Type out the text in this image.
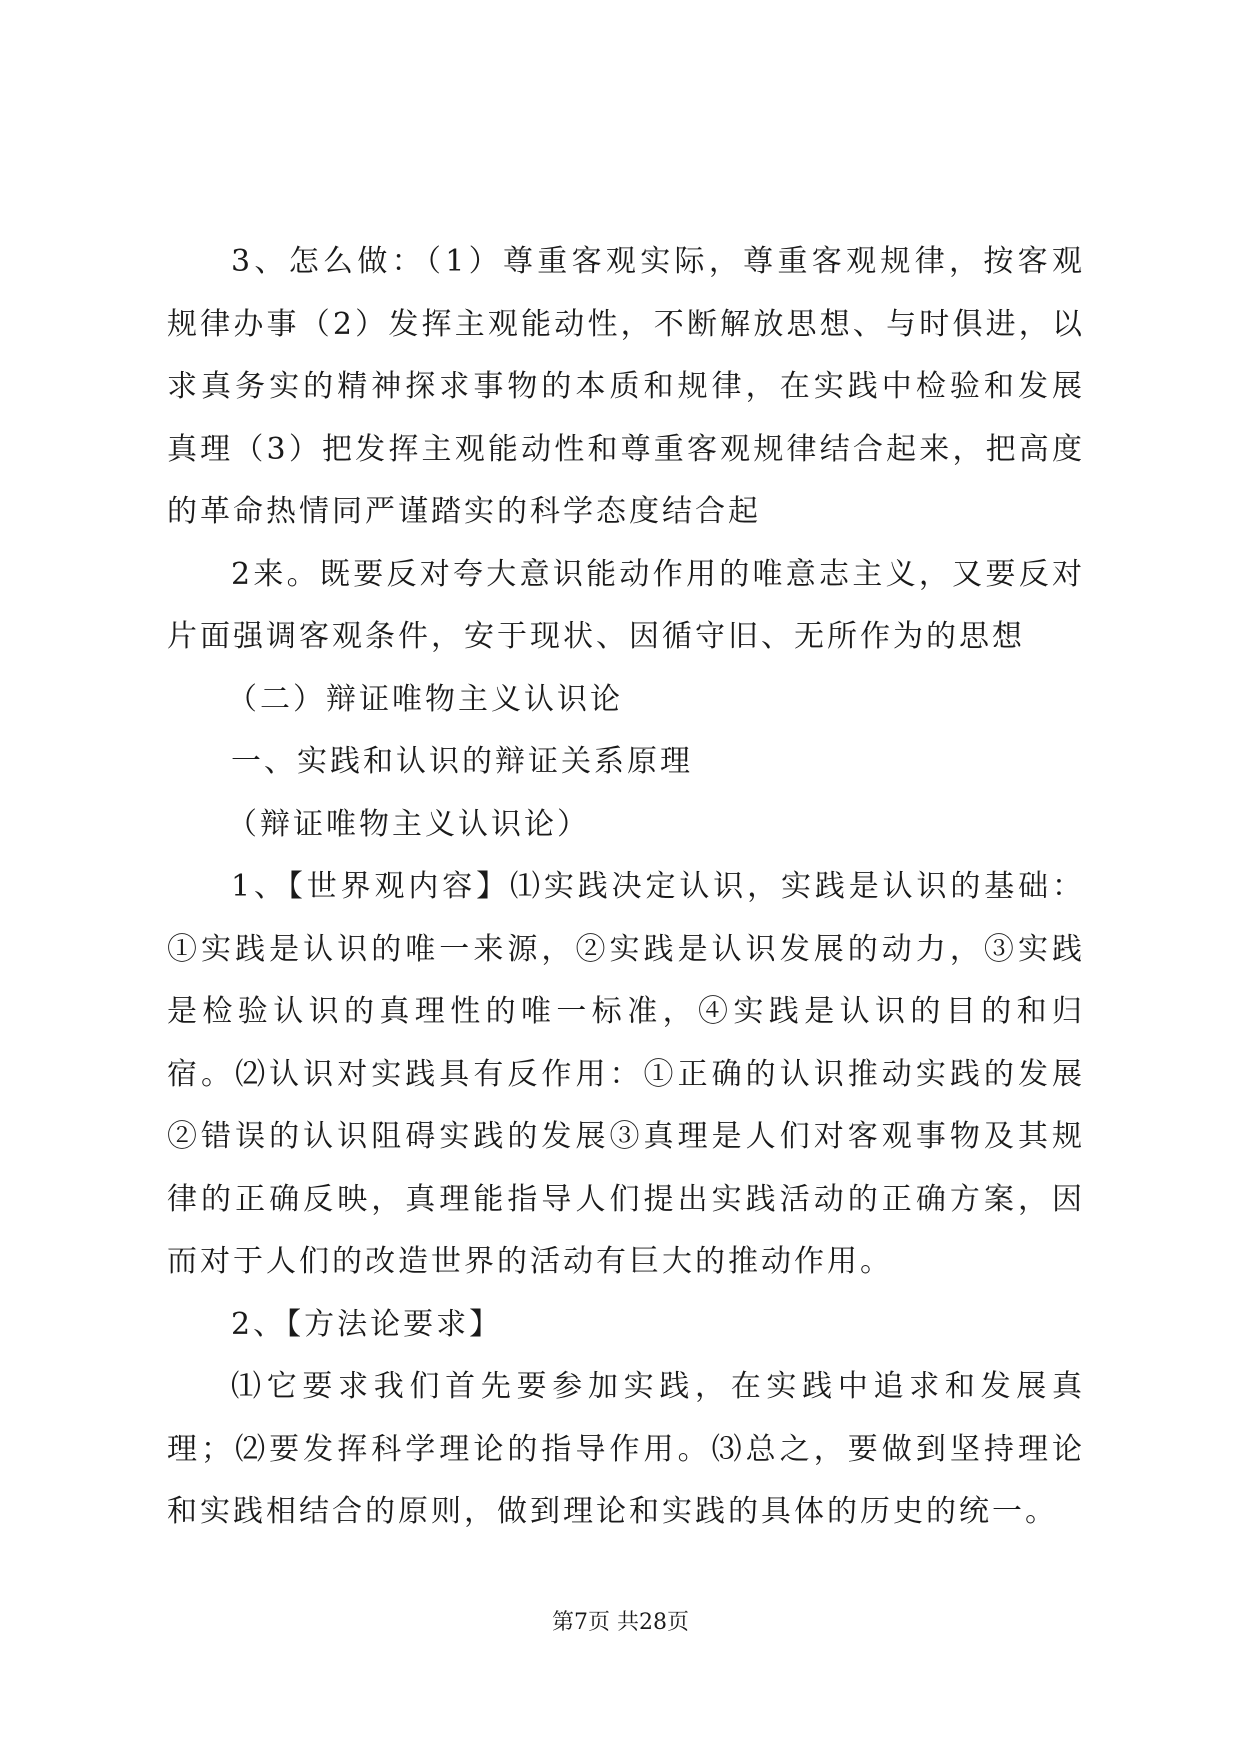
3、怎么做：（1）尊重客观实际，尊重客观规律，按客观规律办事（2）发挥主观能动性，不断解放思想、与时俱进，以求真务实的精神探求事物的本质和规律，在实践中检验和发展真理（3）把发挥主观能动性和尊重客观规律结合起来，把高度的革命热情同严谨踏实的科学态度结合起

2来。既要反对夸大意识能动作用的唯意志主义，又要反对片面强调客观条件，安于现状、因循守旧、无所作为的思想

（二）辩证唯物主义认识论

一、实践和认识的辩证关系原理

（辩证唯物主义认识论）

1、【世界观内容】⑴实践决定认识，实践是认识的基础：①实践是认识的唯一来源，②实践是认识发展的动力，③实践是检验认识的真理性的唯一标准，④实践是认识的目的和归宿。⑵认识对实践具有反作用：①正确的认识推动实践的发展②错误的认识阻碍实践的发展③真理是人们对客观事物及其规律的正确反映，真理能指导人们提出实践活动的正确方案，因而对于人们的改造世界的活动有巨大的推动作用。

2、【方法论要求】

⑴它要求我们首先要参加实践，在实践中追求和发展真理；⑵要发挥科学理论的指导作用。⑶总之，要做到坚持理论和实践相结合的原则，做到理论和实践的具体的历史的统一。

第7页 共28页
